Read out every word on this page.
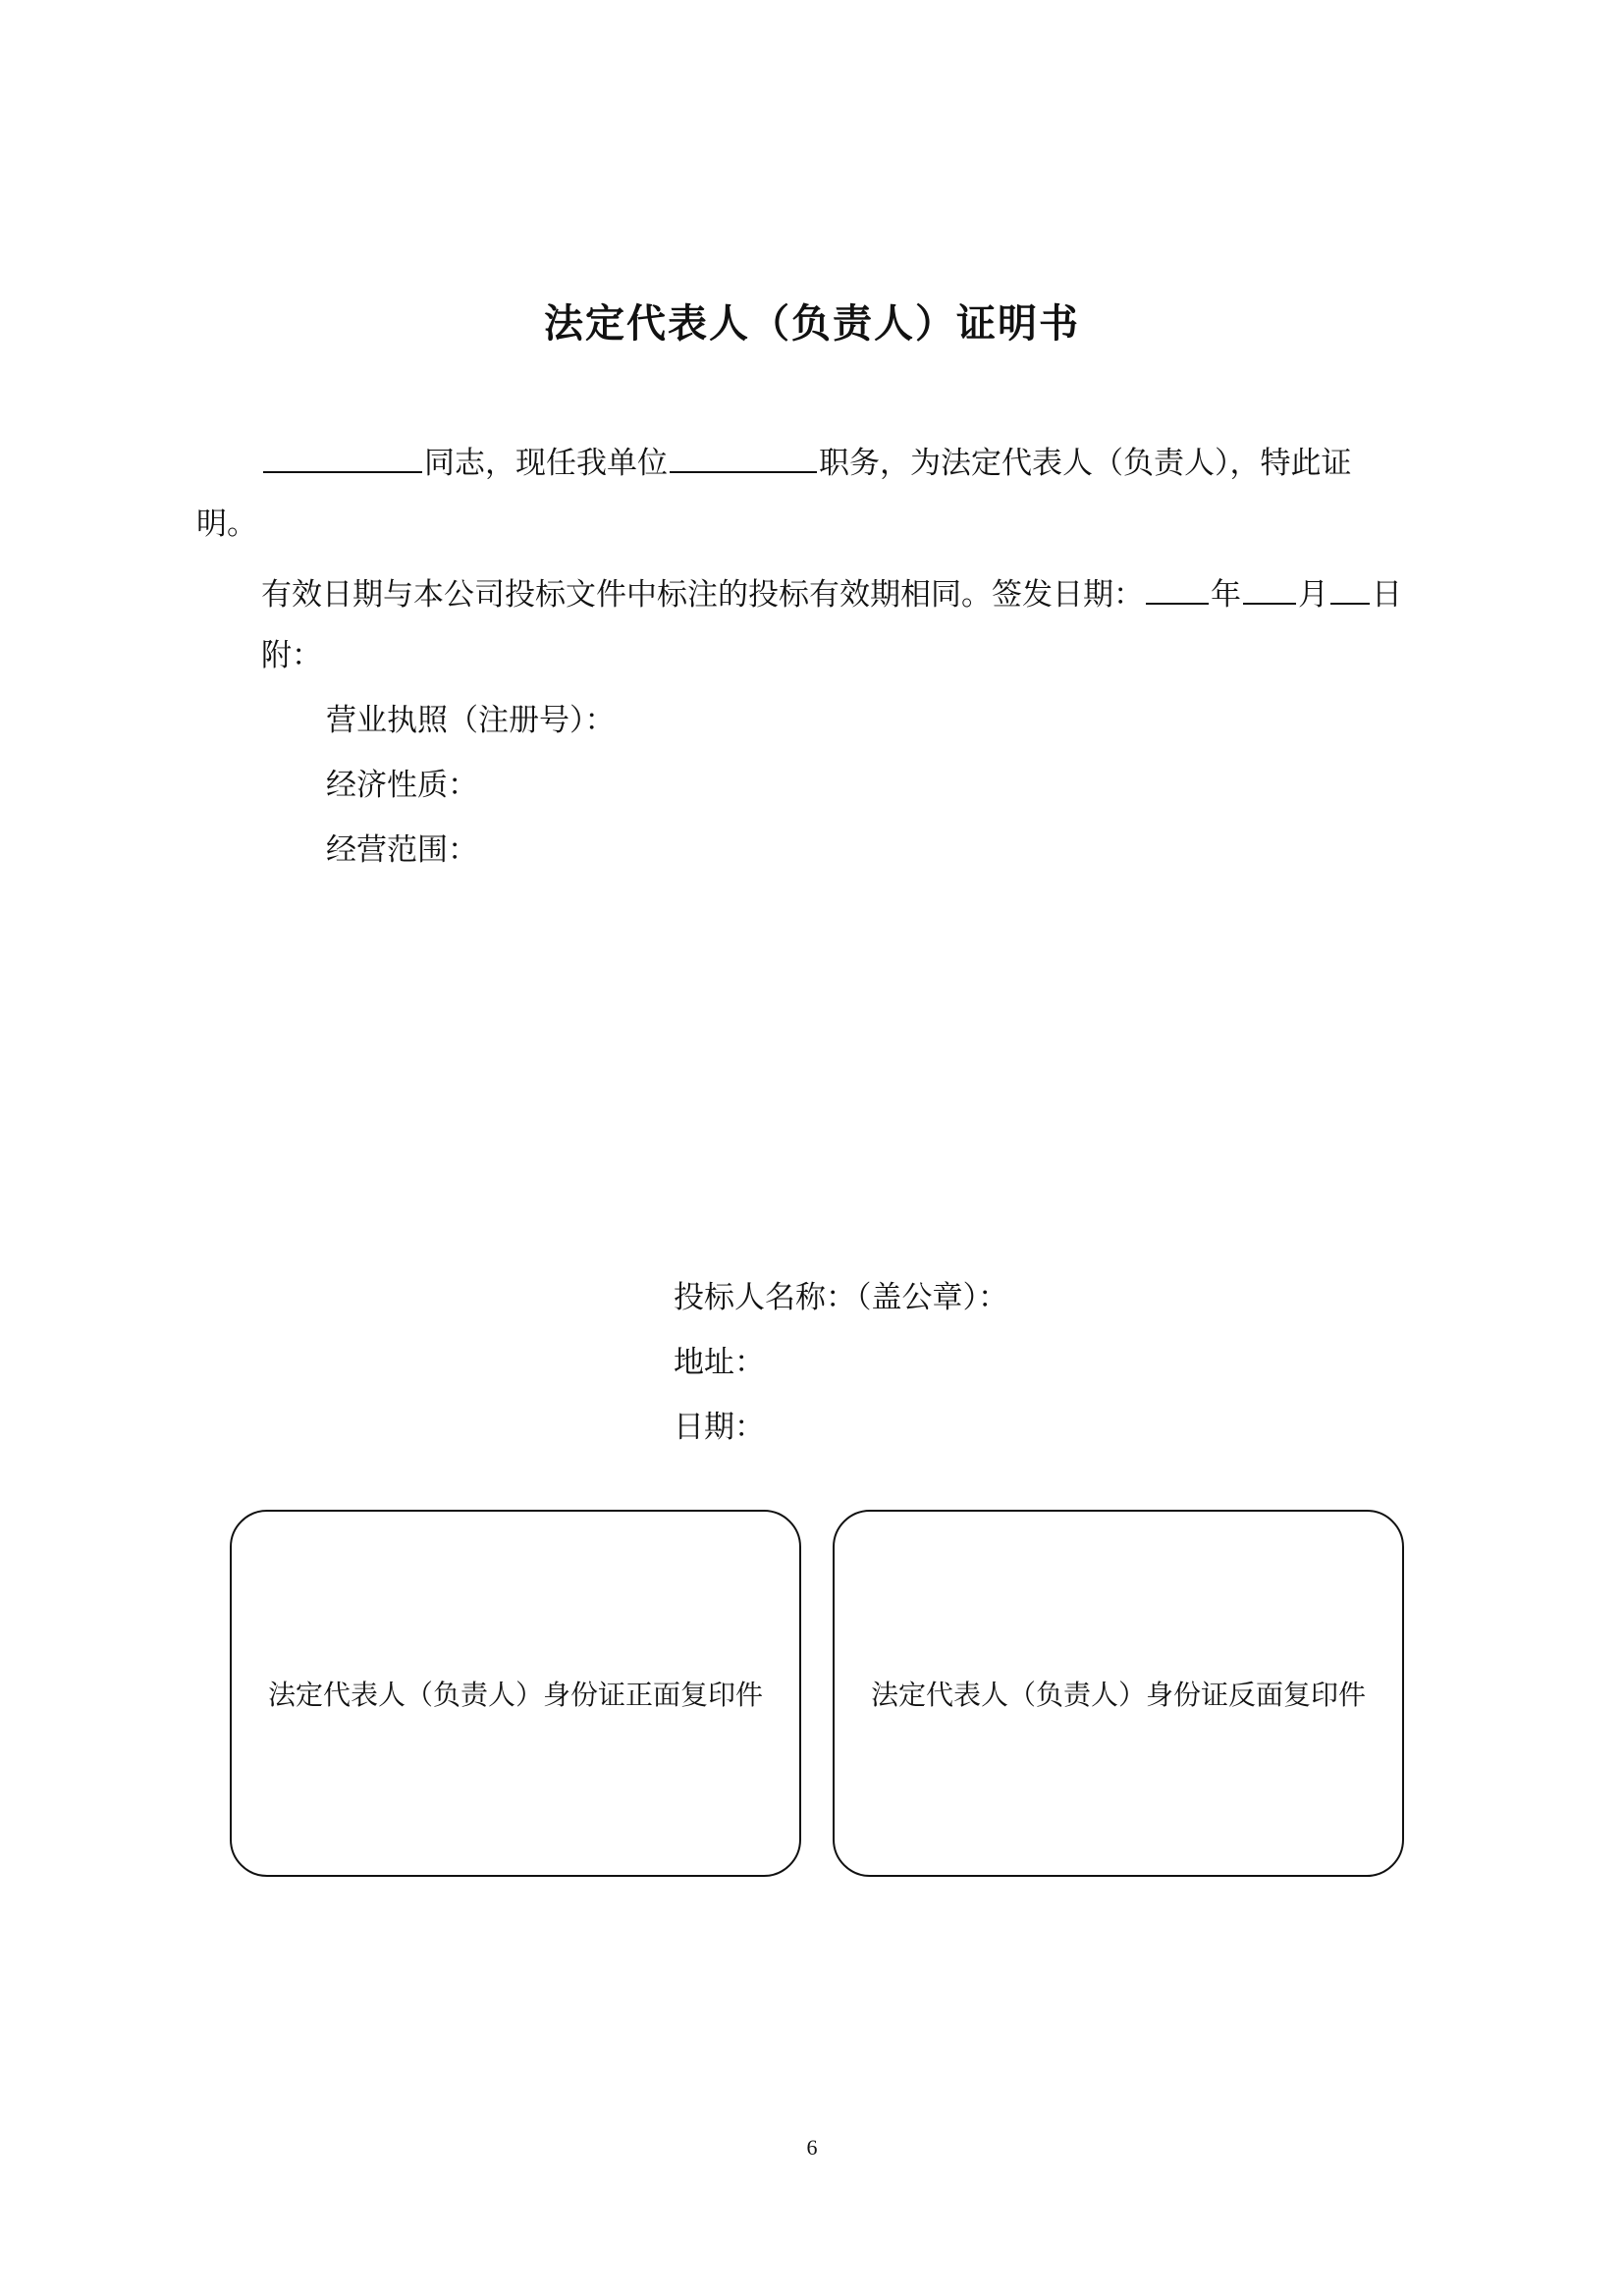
法定代表人（负责人）证明书
同志，现任我单位	职务，为法定代表人（负责人），特此证
明。
有效日期与本公司投标文件中标注的投标有效期相同。签发日期： 年 月 日
附：
营业执照（注册号）：
经济性质：
经营范围：
投标人名称：（盖公章）：
地址：
日期：
法定代表人（负责人）身份证正面复印件	法定代表人（负责人）身份证反面复印件
6
